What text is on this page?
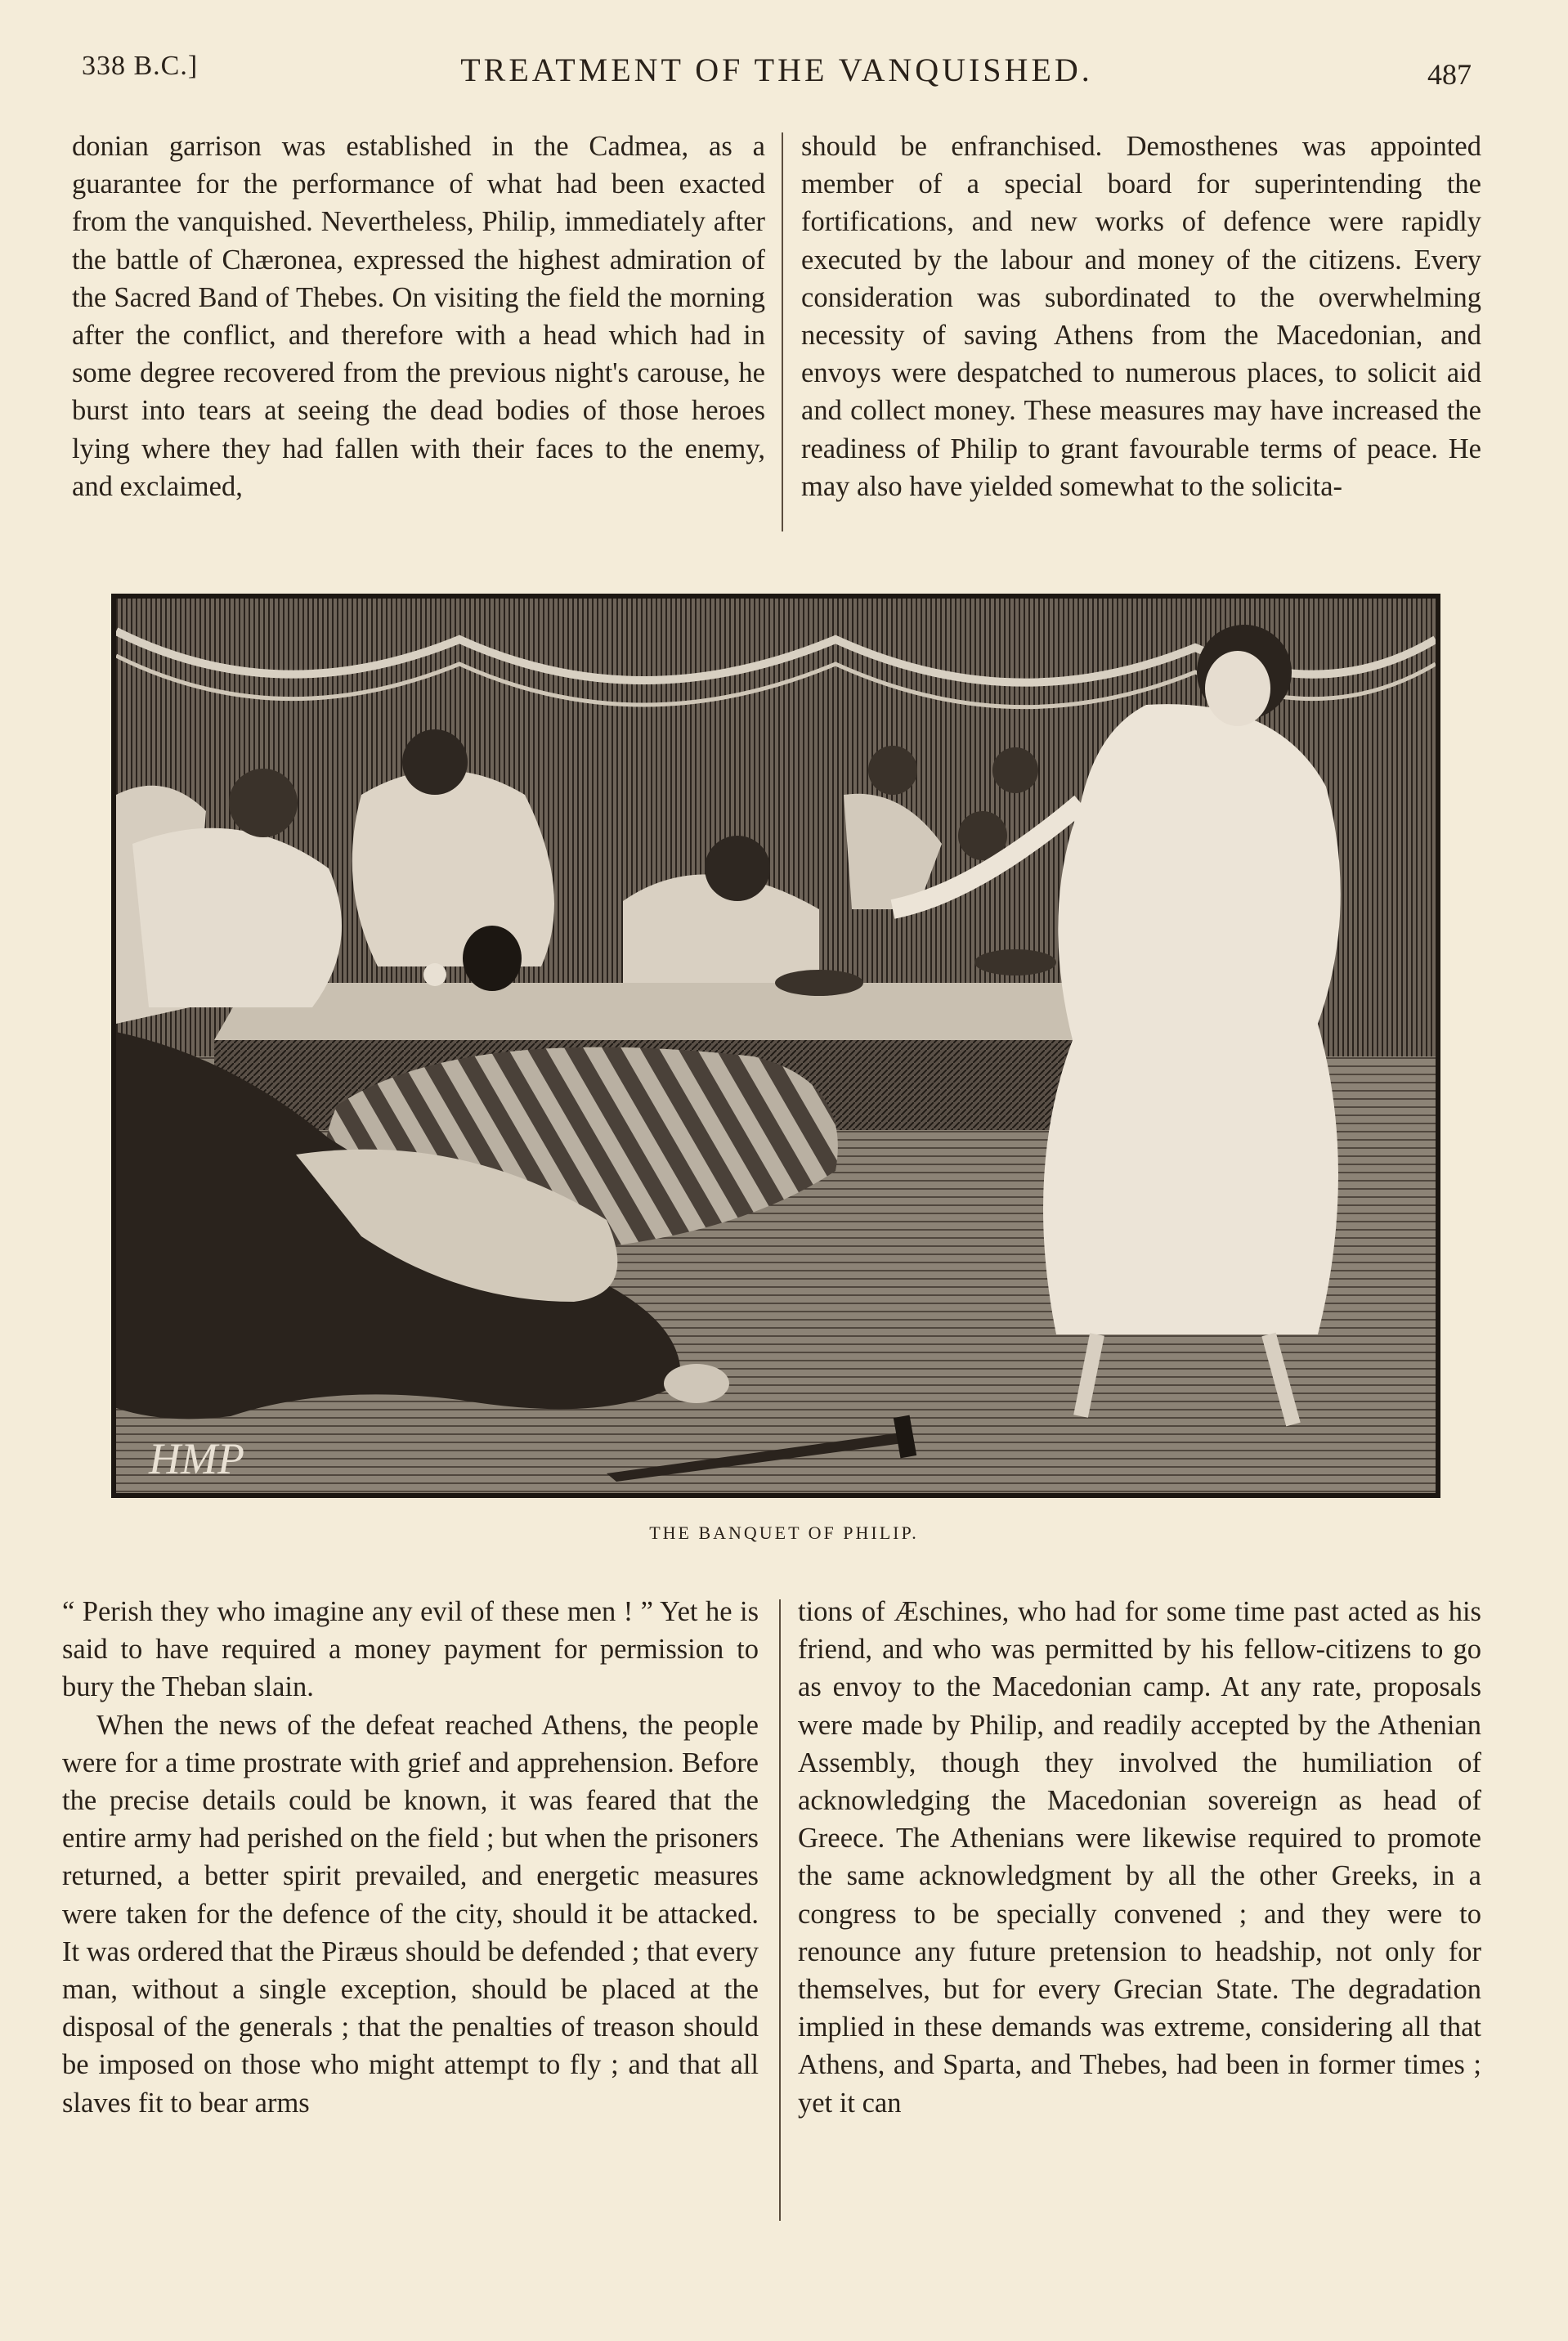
338 B.C.]	TREATMENT OF THE VANQUISHED.	487

donian garrison was established in the Cadmea, as a guarantee for the performance of what had been exacted from the vanquished. Nevertheless, Philip, immediately after the battle of Chæronea, expressed the highest admiration of the Sacred Band of Thebes. On visiting the field the morning after the conflict, and therefore with a head which had in some degree recovered from the previous night's carouse, he burst into tears at seeing the dead bodies of those heroes lying where they had fallen with their faces to the enemy, and exclaimed,

should be enfranchised. Demosthenes was appointed member of a special board for superintending the fortifications, and new works of defence were rapidly executed by the labour and money of the citizens. Every consideration was subordinated to the overwhelming necessity of saving Athens from the Macedonian, and envoys were despatched to numerous places, to solicit aid and collect money. These measures may have increased the readiness of Philip to grant favourable terms of peace. He may also have yielded somewhat to the solicita-

HMP
THE BANQUET OF PHILIP.

“ Perish they who imagine any evil of these men ! ” Yet he is said to have required a money payment for permission to bury the Theban slain.

When the news of the defeat reached Athens, the people were for a time prostrate with grief and apprehension. Before the precise details could be known, it was feared that the entire army had perished on the field ; but when the prisoners returned, a better spirit prevailed, and energetic measures were taken for the defence of the city, should it be attacked. It was ordered that the Piræus should be defended ; that every man, without a single exception, should be placed at the disposal of the generals ; that the penalties of treason should be imposed on those who might attempt to fly ; and that all slaves fit to bear arms

tions of Æschines, who had for some time past acted as his friend, and who was permitted by his fellow-citizens to go as envoy to the Macedonian camp. At any rate, proposals were made by Philip, and readily accepted by the Athenian Assembly, though they involved the humiliation of acknowledging the Macedonian sovereign as head of Greece. The Athenians were likewise required to promote the same acknowledgment by all the other Greeks, in a congress to be specially convened ; and they were to renounce any future pretension to headship, not only for themselves, but for every Grecian State. The degradation implied in these demands was extreme, considering all that Athens, and Sparta, and Thebes, had been in former times ; yet it can
